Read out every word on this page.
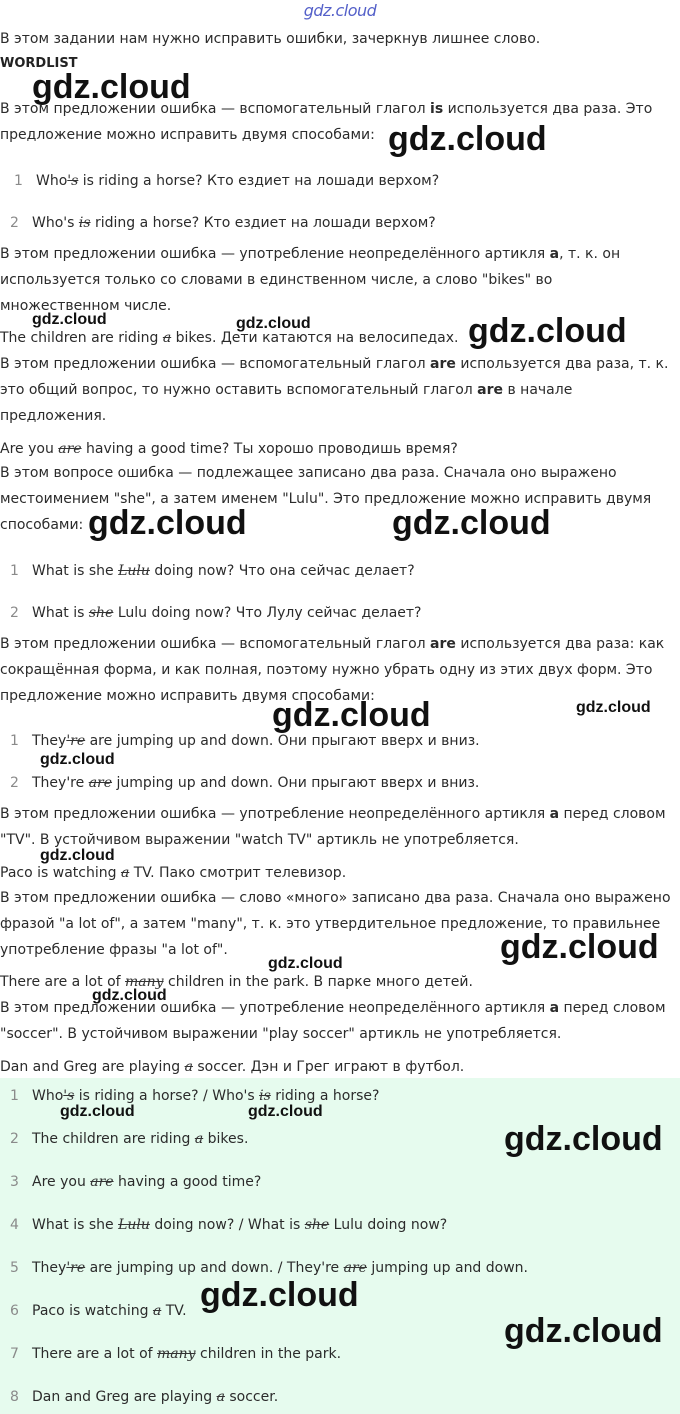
gdz.cloud
В этом задании нам нужно исправить ошибки, зачеркнув лишнее слово.
WORDLIST

В этом предложении ошибка — вспомогательный глагол is используется два раза. Это предложение можно исправить двумя способами:

1 Who's is riding a horse? Кто ездиет на лошади верхом?
2 Who's is riding a horse? Кто ездиет на лошади верхом?

В этом предложении ошибка — употребление неопределённого артикля a, т. к. он используется только со словами в единственном числе, а слово "bikes" во множественном числе.

The children are riding a bikes. Дети катаются на велосипедах.

В этом предложении ошибка — вспомогательный глагол are используется два раза, т. к. это общий вопрос, то нужно оставить вспомогательный глагол are в начале предложения.

Are you are having a good time? Ты хорошо проводишь время?

В этом вопросе ошибка — подлежащее записано два раза. Сначала оно выражено местоимением "she", а затем именем "Lulu". Это предложение можно исправить двумя способами:

1 What is she Lulu doing now? Что она сейчас делает?
2 What is she Lulu doing now? Что Лулу сейчас делает?

В этом предложении ошибка — вспомогательный глагол are используется два раза: как сокращённая форма, и как полная, поэтому нужно убрать одну из этих двух форм. Это предложение можно исправить двумя способами:

1 They're are jumping up and down. Они прыгают вверх и вниз.
2 They're are jumping up and down. Они прыгают вверх и вниз.

В этом предложении ошибка — употребление неопределённого артикля a перед словом "TV". В устойчивом выражении "watch TV" артикль не употребляется.

Paco is watching a TV. Пако смотрит телевизор.

В этом предложении ошибка — слово «много» записано два раза. Сначала оно выражено фразой "a lot of", а затем "many", т. к. это утвердительное предложение, то правильнее употребление фразы "a lot of".

There are a lot of many children in the park. В парке много детей.

В этом предложении ошибка — употребление неопределённого артикля a перед словом "soccer". В устойчивом выражении "play soccer" артикль не употребляется.

Dan and Greg are playing a soccer. Дэн и Грег играют в футбол.
1 Who's is riding a horse? / Who's is riding a horse?
2 The children are riding a bikes.
3 Are you are having a good time?
4 What is she Lulu doing now? / What is she Lulu doing now?
5 They're are jumping up and down. / They're are jumping up and down.
6 Paco is watching a TV.
7 There are a lot of many children in the park.
8 Dan and Greg are playing a soccer.
gdz.cloud
gdz.cloud
gdz.cloud	gdz.cloud	gdz.cloud
gdz.cloud	gdz.cloud
gdz.cloud	gdz.cloud
gdz.cloud
gdz.cloud
gdz.cloud
gdz.cloud
gdz.cloud
gdz.cloud	gdz.cloud
gdz.cloud
gdz.cloud
gdz.cloud
